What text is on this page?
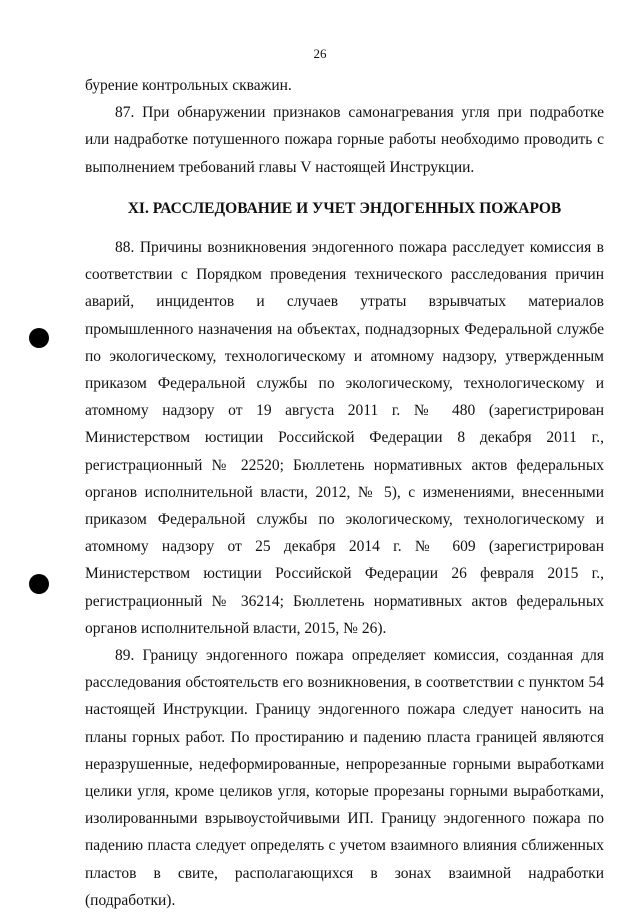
26

бурение контрольных скважин.

87. При обнаружении признаков самонагревания угля при подработке или надработке потушенного пожара горные работы необходимо проводить с выполнением требований главы V настоящей Инструкции.

XI. РАССЛЕДОВАНИЕ И УЧЕТ ЭНДОГЕННЫХ ПОЖАРОВ

88. Причины возникновения эндогенного пожара расследует комиссия в соответствии с Порядком проведения технического расследования причин аварий, инцидентов и случаев утраты взрывчатых материалов промышленного назначения на объектах, поднадзорных Федеральной службе по экологическому, технологическому и атомному надзору, утвержденным приказом Федеральной службы по экологическому, технологическому и атомному надзору от 19 августа 2011 г. № 480 (зарегистрирован Министерством юстиции Российской Федерации 8 декабря 2011 г., регистрационный № 22520; Бюллетень нормативных актов федеральных органов исполнительной власти, 2012, № 5), с изменениями, внесенными приказом Федеральной службы по экологическому, технологическому и атомному надзору от 25 декабря 2014 г. № 609 (зарегистрирован Министерством юстиции Российской Федерации 26 февраля 2015 г., регистрационный № 36214; Бюллетень нормативных актов федеральных органов исполнительной власти, 2015, № 26).

89. Границу эндогенного пожара определяет комиссия, созданная для расследования обстоятельств его возникновения, в соответствии с пунктом 54 настоящей Инструкции. Границу эндогенного пожара следует наносить на планы горных работ. По простиранию и падению пласта границей являются неразрушенные, недеформированные, непрорезанные горными выработками целики угля, кроме целиков угля, которые прорезаны горными выработками, изолированными взрывоустойчивыми ИП. Границу эндогенного пожара по падению пласта следует определять с учетом взаимного влияния сближенных пластов в свите, располагающихся в зонах взаимной надработки (подработки).
